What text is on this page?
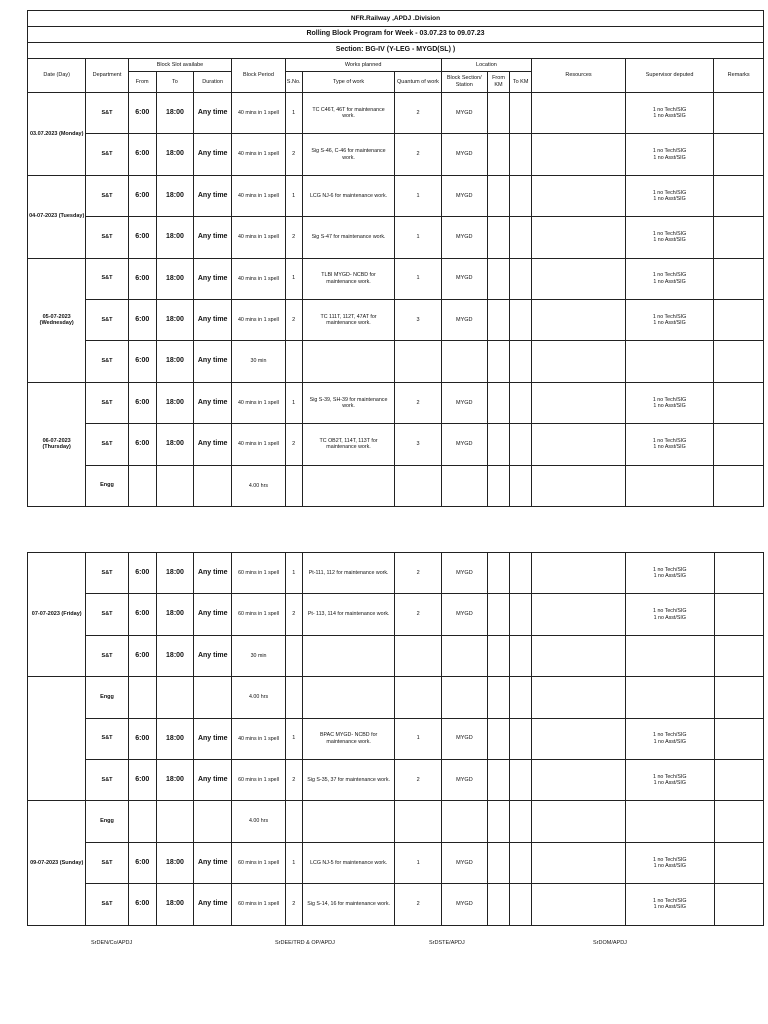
NFR.Railway ,APDJ .Division														
Rolling Block Program for Week - 03.07.23 to 09.07.23														
Section: BG-IV (Y-LEG - MYGD(SL) )														
Date (Day)	Department	Block Slot availabe			Block Period	Works planned			Location			Resources	Supervisor deputed	Remarks
		From	To	Duration		S.No.	Type of work	Quantum of work	Block Section/ Station	From KM	To KM			
03.07.2023 (Monday)	S&T	6:00	18:00	Any time	40 mins in 1 spell	1	TC C46T, 46T for maintenance work.	2	MYGD				1 no Tech/SIG
1 no Asst/SIG	

	S&T	6:00	18:00	Any time	40 mins in 1 spell	2	Sig S-46, C-46 for maintenance work.	2	MYGD				1 no Tech/SIG
1 no Asst/SIG	

04-07-2023 (Tuesday)	S&T	6:00	18:00	Any time	40 mins in 1 spell	1	LCG NJ-6 for maintenance work.	1	MYGD				1 no Tech/SIG
1 no Asst/SIG	

	S&T	6:00	18:00	Any time	40 mins in 1 spell	2	Sig S-47 for maintenance work.	1	MYGD				1 no Tech/SIG
1 no Asst/SIG	

05-07-2023 (Wednesday)	S&T	6:00	18:00	Any time	40 mins in 1 spell	1	TLBI MYGD- NCBD for maintenance work.	1	MYGD				1 no Tech/SIG
1 no Asst/SIG	

	S&T	6:00	18:00	Any time	40 mins in 1 spell	2	TC 111T, 112T, 47AT for maintenance work.	3	MYGD				1 no Tech/SIG
1 no Asst/SIG	

	S&T	6:00	18:00	Any time	30 min								

06-07-2023 (Thursday)	S&T	6:00	18:00	Any time	40 mins in 1 spell	1	Sig S-39, SH-39 for maintenance work.	2	MYGD				1 no Tech/SIG
1 no Asst/SIG	

	S&T	6:00	18:00	Any time	40 mins in 1 spell	2	TC OB2T, 114T, 113T for maintenance work.	3	MYGD				1 no Tech/SIG
1 no Asst/SIG	

	Engg				4.00 hrs								

07-07-2023 (Friday)	S&T	6:00	18:00	Any time	60 mins in 1 spell	1	Pt-111, 112 for maintenance work.	2	MYGD				1 no Tech/SIG
1 no Asst/SIG	

	S&T	6:00	18:00	Any time	60 mins in 1 spell	2	Pt- 113, 114 for maintenance work.	2	MYGD				1 no Tech/SIG
1 no Asst/SIG	

	S&T	6:00	18:00	Any time	30 min								

	Engg				4.00 hrs								

	S&T	6:00	18:00	Any time	40 mins in 1 spell	1	BPAC MYGD- NCBD for maintenance work.	1	MYGD				1 no Tech/SIG
1 no Asst/SIG	

	S&T	6:00	18:00	Any time	60 mins in 1 spell	2	Sig S-35, 37 for maintenance work.	2	MYGD				1 no Tech/SIG
1 no Asst/SIG	

09-07-2023 (Sunday)	Engg				4.00 hrs								

	S&T	6:00	18:00	Any time	60 mins in 1 spell	1	LCG NJ-5 for maintenance work.	1	MYGD				1 no Tech/SIG
1 no Asst/SIG	

	S&T	6:00	18:00	Any time	60 mins in 1 spell	2	Sig S-14, 16 for maintenance work.	2	MYGD				1 no Tech/SIG
1 no Asst/SIG	

SrDEN/Co/APDJ	SrDEE/TRD & OP/APDJ	SrDSTE/APDJ	SrDOM/APDJ
